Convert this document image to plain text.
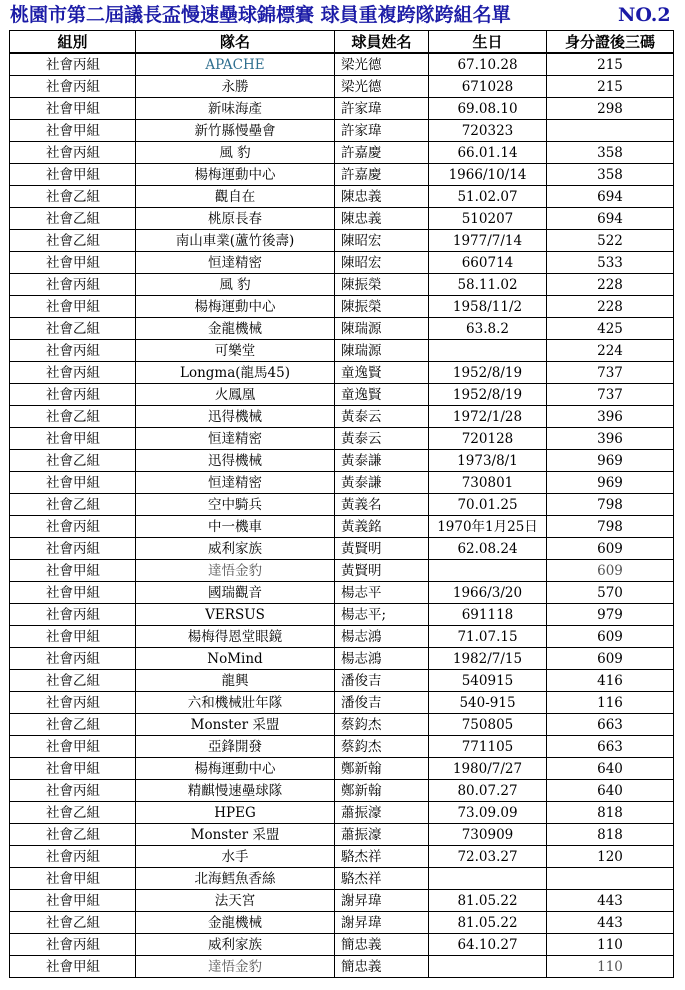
桃園市第二屆議長盃慢速壘球錦標賽 球員重複跨隊跨組名單	NO.2
組別	隊名	球員姓名	生日	身分證後三碼
社會丙組	APACHE	梁光德	67.10.28	215
社會丙組	永勝	梁光德	671028	215
社會甲組	新味海產	許家瑋	69.08.10	298
社會甲組	新竹縣慢壘會	許家瑋	720323	
社會丙組	風 豹	許嘉慶	66.01.14	358
社會甲組	楊梅運動中心	許嘉慶	1966/10/14	358
社會乙組	觀自在	陳忠義	51.02.07	694
社會乙組	桃原長春	陳忠義	510207	694
社會乙組	南山車業(蘆竹後壽)	陳昭宏	1977/7/14	522
社會甲組	恒達精密	陳昭宏	660714	533
社會丙組	風 豹	陳振榮	58.11.02	228
社會甲組	楊梅運動中心	陳振榮	1958/11/2	228
社會乙組	金龍機械	陳瑞源	63.8.2	425
社會丙組	可樂堂	陳瑞源		224
社會丙組	Longma(龍馬45)	童逸賢	1952/8/19	737
社會丙組	火鳳凰	童逸賢	1952/8/19	737
社會乙組	迅得機械	黃泰云	1972/1/28	396
社會甲組	恒達精密	黃泰云	720128	396
社會乙組	迅得機械	黃泰謙	1973/8/1	969
社會甲組	恒達精密	黃泰謙	730801	969
社會乙組	空中騎兵	黃義名	70.01.25	798
社會丙組	中一機車	黃義銘	1970年1月25日	798
社會丙組	威利家族	黃賢明	62.08.24	609
社會甲組	達悟金豹	黃賢明		609
社會甲組	國瑞觀音	楊志平	1966/3/20	570
社會丙組	VERSUS	楊志平;	691118	979
社會甲組	楊梅得恩堂眼鏡	楊志鴻	71.07.15	609
社會丙組	NoMind	楊志鴻	1982/7/15	609
社會乙組	龍興	潘俊吉	540915	416
社會丙組	六和機械壯年隊	潘俊吉	540-915	116
社會乙組	Monster 采盟	蔡鈞杰	750805	663
社會甲組	亞鋒開發	蔡鈞杰	771105	663
社會甲組	楊梅運動中心	鄭新翰	1980/7/27	640
社會丙組	精麒慢速壘球隊	鄭新翰	80.07.27	640
社會乙組	HPEG	蕭振濠	73.09.09	818
社會乙組	Monster 采盟	蕭振濠	730909	818
社會丙組	水手	駱杰祥	72.03.27	120
社會甲組	北海鱈魚香絲	駱杰祥		
社會甲組	法天宮	謝昇瑋	81.05.22	443
社會乙組	金龍機械	謝昇瑋	81.05.22	443
社會丙組	威利家族	簡忠義	64.10.27	110
社會甲組	達悟金豹	簡忠義		110
